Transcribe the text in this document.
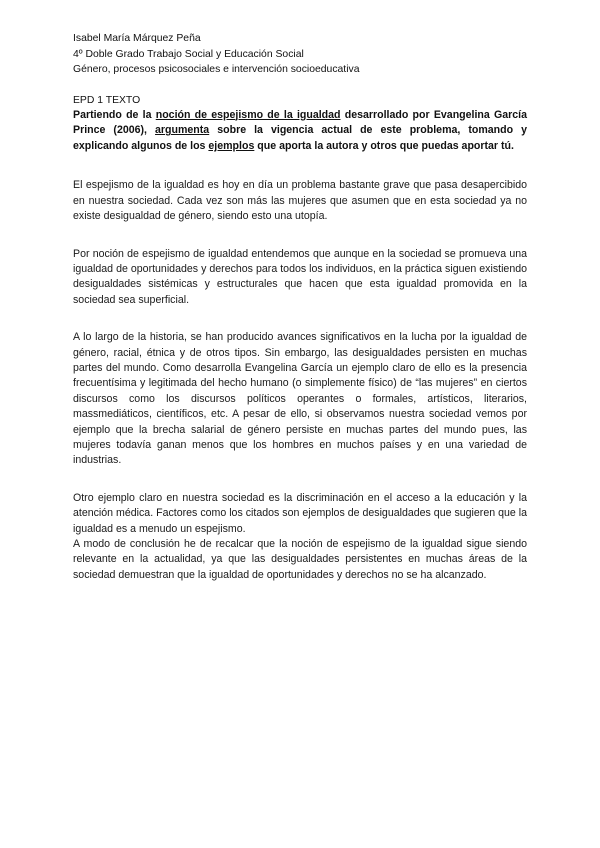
Isabel María Márquez Peña

4º Doble Grado Trabajo Social y Educación Social

Género, procesos psicosociales e intervención socioeducativa

EPD 1 TEXTO

Partiendo de la noción de espejismo de la igualdad desarrollado por Evangelina García Prince (2006), argumenta sobre la vigencia actual de este problema, tomando y explicando algunos de los ejemplos que aporta la autora y otros que puedas aportar tú.

El espejismo de la igualdad es hoy en día un problema bastante grave que pasa desapercibido en nuestra sociedad. Cada vez son más las mujeres que asumen que en esta sociedad ya no existe desigualdad de género, siendo esto una utopía.

Por noción de espejismo de igualdad entendemos que aunque en la sociedad se promueva una igualdad de oportunidades y derechos para todos los individuos, en la práctica siguen existiendo desigualdades sistémicas y estructurales que hacen que esta igualdad promovida en la sociedad sea superficial.

A lo largo de la historia, se han producido avances significativos en la lucha por la igualdad de género, racial, étnica y de otros tipos. Sin embargo, las desigualdades persisten en muchas partes del mundo. Como desarrolla Evangelina García un ejemplo claro de ello es la presencia frecuentísima y legitimada del hecho humano (o simplemente físico) de “las mujeres” en ciertos discursos como los discursos políticos operantes o formales, artísticos, literarios, massmediáticos, científicos, etc. A pesar de ello, si observamos nuestra sociedad vemos por ejemplo que la brecha salarial de género persiste en muchas partes del mundo pues, las mujeres todavía ganan menos que los hombres en muchos países y en una variedad de industrias.

Otro ejemplo claro en nuestra sociedad es la discriminación en el acceso a la educación y la atención médica. Factores como los citados son ejemplos de desigualdades que sugieren que la igualdad es a menudo un espejismo.

A modo de conclusión he de recalcar que la noción de espejismo de la igualdad sigue siendo relevante en la actualidad, ya que las desigualdades persistentes en muchas áreas de la sociedad demuestran que la igualdad de oportunidades y derechos no se ha alcanzado.
